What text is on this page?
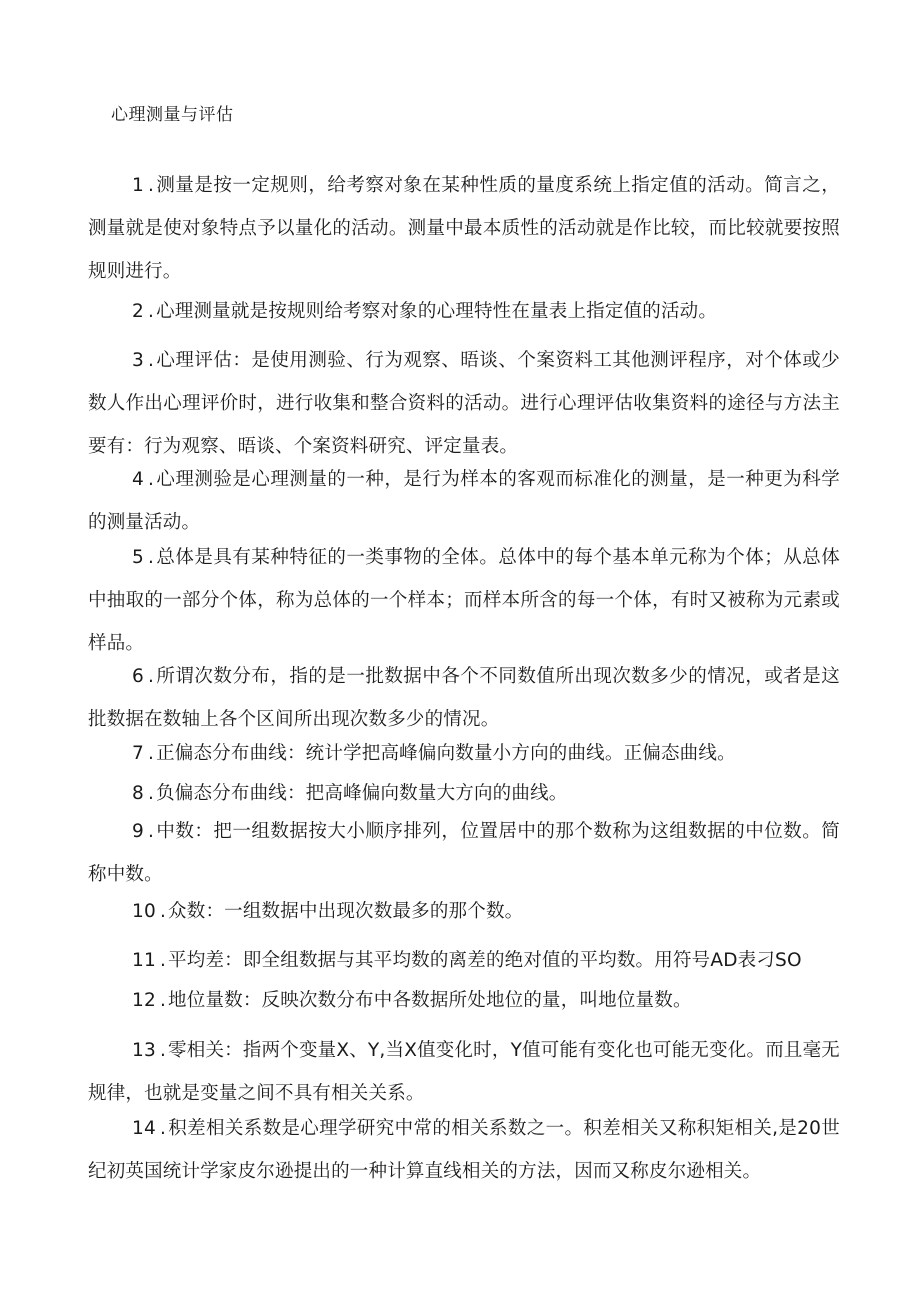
心理测量与评估

1 . 测量是按一定规则，给考察对象在某种性质的量度系统上指定值的活动。简言之，测量就是使对象特点予以量化的活动。测量中最本质性的活动就是作比较，而比较就要按照规则进行。

2 . 心理测量就是按规则给考察对象的心理特性在量表上指定值的活动。

3 . 心理评估：是使用测验、行为观察、晤谈、个案资料工其他测评程序，对个体或少数人作出心理评价时，进行收集和整合资料的活动。进行心理评估收集资料的途径与方法主要有：行为观察、晤谈、个案资料研究、评定量表。

4 . 心理测验是心理测量的一种，是行为样本的客观而标准化的测量，是一种更为科学的测量活动。

5 . 总体是具有某种特征的一类事物的全体。总体中的每个基本单元称为个体；从总体中抽取的一部分个体，称为总体的一个样本；而样本所含的每一个体，有时又被称为元素或样品。

6 . 所谓次数分布，指的是一批数据中各个不同数值所出现次数多少的情况，或者是这批数据在数轴上各个区间所出现次数多少的情况。

7 . 正偏态分布曲线：统计学把高峰偏向数量小方向的曲线。正偏态曲线。

8 . 负偏态分布曲线：把高峰偏向数量大方向的曲线。

9 . 中数：把一组数据按大小顺序排列，位置居中的那个数称为这组数据的中位数。简称中数。

10 . 众数：一组数据中出现次数最多的那个数。

11 . 平均差：即全组数据与其平均数的离差的绝对值的平均数。用符号AD表刁SO

12 . 地位量数：反映次数分布中各数据所处地位的量，叫地位量数。

13 . 零相关：指两个变量X、Y,当X值变化时，Y值可能有变化也可能无变化。而且毫无规律，也就是变量之间不具有相关关系。

14 . 积差相关系数是心理学研究中常的相关系数之一。积差相关又称积矩相关,是20世纪初英国统计学家皮尔逊提出的一种计算直线相关的方法，因而又称皮尔逊相关。
